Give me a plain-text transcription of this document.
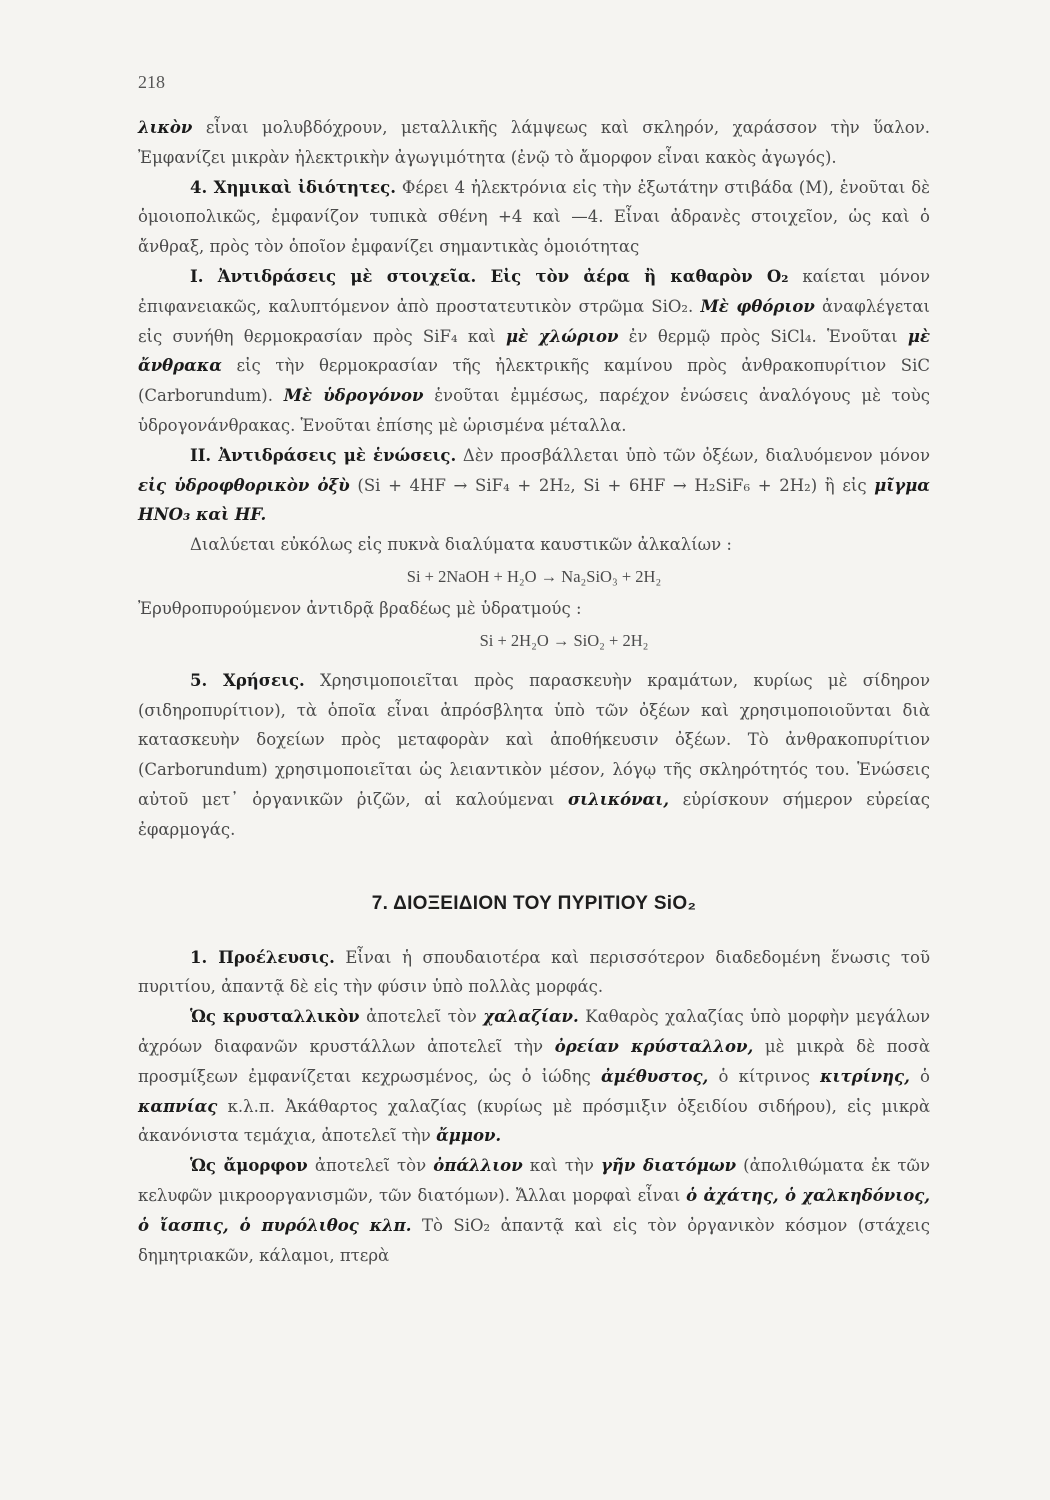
218

λικὸν εἶναι μολυβδόχρουν, μεταλλικῆς λάμψεως καὶ σκληρόν, χαράσσον τὴν ὕαλον. Ἐμφανίζει μικρὰν ἠλεκτρικὴν ἀγωγιμότητα (ἐνῷ τὸ ἄμορφον εἶναι κακὸς ἀγωγός).

4. Χημικαὶ ἰδιότητες. Φέρει 4 ἠλεκτρόνια εἰς τὴν ἐξωτάτην στιβάδα (M), ἑνοῦται δὲ ὁμοιοπολικῶς, ἐμφανίζον τυπικὰ σθένη +4 καὶ —4. Εἶναι ἀδρανὲς στοιχεῖον, ὡς καὶ ὁ ἄνθραξ, πρὸς τὸν ὁποῖον ἐμφανίζει σημαντικὰς ὁμοιότητας

I. Ἀντιδράσεις μὲ στοιχεῖα. Εἰς τὸν ἀέρα ἢ καθαρὸν O₂ καίεται μόνον ἐπιφανειακῶς, καλυπτόμενον ἀπὸ προστατευτικὸν στρῶμα SiO₂. Μὲ φθόριον ἀναφλέγεται εἰς συνήθη θερμοκρασίαν πρὸς SiF₄ καὶ μὲ χλώριον ἐν θερμῷ πρὸς SiCl₄. Ἑνοῦται μὲ ἄνθρακα εἰς τὴν θερμοκρασίαν τῆς ἠλεκτρικῆς καμίνου πρὸς ἀνθρακοπυρίτιον SiC (Carborundum). Μὲ ὑδρογόνον ἑνοῦται ἐμμέσως, παρέχον ἑνώσεις ἀναλόγους μὲ τοὺς ὑδρογονάνθρακας. Ἑνοῦται ἐπίσης μὲ ὡρισμένα μέταλλα.

II. Ἀντιδράσεις μὲ ἑνώσεις. Δὲν προσβάλλεται ὑπὸ τῶν ὀξέων, διαλυόμενον μόνον εἰς ὑδροφθορικὸν ὀξὺ (Si + 4HF → SiF₄ + 2H₂, Si + 6HF → H₂SiF₆ + 2H₂) ἢ εἰς μῖγμα HNO₃ καὶ HF.

Διαλύεται εὐκόλως εἰς πυκνὰ διαλύματα καυστικῶν ἀλκαλίων :

Si + 2NaOH + H₂O → Na₂SiO₃ + 2H₂

Ἐρυθροπυρούμενον ἀντιδρᾷ βραδέως μὲ ὑδρατμούς :

Si + 2H₂O → SiO₂ + 2H₂

5. Χρήσεις. Χρησιμοποιεῖται πρὸς παρασκευὴν κραμάτων, κυρίως μὲ σίδηρον (σιδηροπυρίτιον), τὰ ὁποῖα εἶναι ἀπρόσβλητα ὑπὸ τῶν ὀξέων καὶ χρησιμοποιοῦνται διὰ κατασκευὴν δοχείων πρὸς μεταφορὰν καὶ ἀποθήκευσιν ὀξέων. Τὸ ἀνθρακοπυρίτιον (Carborundum) χρησιμοποιεῖται ὡς λειαντικὸν μέσον, λόγῳ τῆς σκληρότητός του. Ἑνώσεις αὐτοῦ μετ᾽ ὀργανικῶν ῥιζῶν, αἱ καλούμεναι σιλικόναι, εὑρίσκουν σήμερον εὐρείας ἐφαρμογάς.

7. ΔΙΟΞΕΙΔΙΟΝ ΤΟΥ ΠΥΡΙΤΙΟΥ SiO₂

1. Προέλευσις. Εἶναι ἡ σπουδαιοτέρα καὶ περισσότερον διαδεδομένη ἕνωσις τοῦ πυριτίου, ἀπαντᾷ δὲ εἰς τὴν φύσιν ὑπὸ πολλὰς μορφάς.

Ὡς κρυσταλλικὸν ἀποτελεῖ τὸν χαλαζίαν. Καθαρὸς χαλαζίας ὑπὸ μορφὴν μεγάλων ἀχρόων διαφανῶν κρυστάλλων ἀποτελεῖ τὴν ὀρείαν κρύσταλλον, μὲ μικρὰ δὲ ποσὰ προσμίξεων ἐμφανίζεται κεχρωσμένος, ὡς ὁ ἰώδης ἀμέθυστος, ὁ κίτρινος κιτρίνης, ὁ καπνίας κ.λ.π. Ἀκάθαρτος χαλαζίας (κυρίως μὲ πρόσμιξιν ὀξειδίου σιδήρου), εἰς μικρὰ ἀκανόνιστα τεμάχια, ἀποτελεῖ τὴν ἄμμον.

Ὡς ἄμορφον ἀποτελεῖ τὸν ὀπάλλιον καὶ τὴν γῆν διατόμων (ἀπολιθώματα ἐκ τῶν κελυφῶν μικροοργανισμῶν, τῶν διατόμων). Ἄλλαι μορφαὶ εἶναι ὁ ἀχάτης, ὁ χαλκηδόνιος, ὁ ἴασπις, ὁ πυρόλιθος κλπ. Τὸ SiO₂ ἀπαντᾷ καὶ εἰς τὸν ὀργανικὸν κόσμον (στάχεις δημητριακῶν, κάλαμοι, πτερὰ
